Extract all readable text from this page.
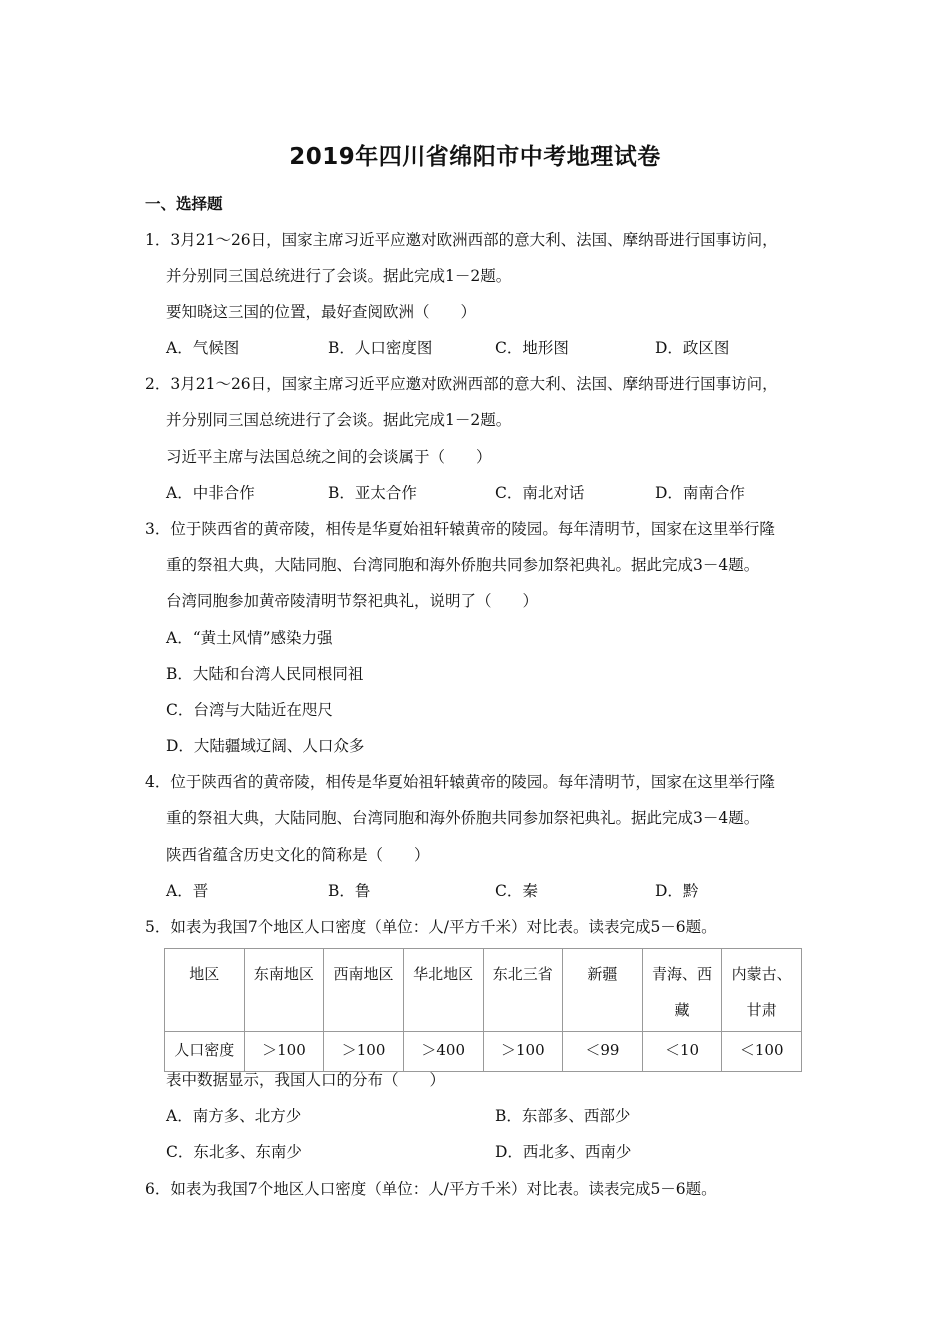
2019年四川省绵阳市中考地理试卷
一、选择题
1．3月21～26日，国家主席习近平应邀对欧洲西部的意大利、法国、摩纳哥进行国事访问，
并分别同三国总统进行了会谈。据此完成1－2题。
要知晓这三国的位置，最好查阅欧洲（　　）
A．气候图	B．人口密度图	C．地形图	D．政区图
2．3月21～26日，国家主席习近平应邀对欧洲西部的意大利、法国、摩纳哥进行国事访问，
并分别同三国总统进行了会谈。据此完成1－2题。
习近平主席与法国总统之间的会谈属于（　　）
A．中非合作	B．亚太合作	C．南北对话	D．南南合作
3．位于陕西省的黄帝陵，相传是华夏始祖轩辕黄帝的陵园。每年清明节，国家在这里举行隆
重的祭祖大典，大陆同胞、台湾同胞和海外侨胞共同参加祭祀典礼。据此完成3－4题。
台湾同胞参加黄帝陵清明节祭祀典礼，说明了（　　）
A．“黄土风情”感染力强
B．大陆和台湾人民同根同祖
C．台湾与大陆近在咫尺
D．大陆疆域辽阔、人口众多
4．位于陕西省的黄帝陵，相传是华夏始祖轩辕黄帝的陵园。每年清明节，国家在这里举行隆
重的祭祖大典，大陆同胞、台湾同胞和海外侨胞共同参加祭祀典礼。据此完成3－4题。
陕西省蕴含历史文化的简称是（　　）
A．晋	B．鲁	C．秦	D．黔
5．如表为我国7个地区人口密度（单位：人/平方千米）对比表。读表完成5－6题。
地区	东南地区	西南地区	华北地区	东北三省	新疆	青海、西藏	内蒙古、甘肃
人口密度	＞100	＞100	＞400	＞100	＜99	＜10	＜100
表中数据显示，我国人口的分布（　　）
A．南方多、北方少	B．东部多、西部少
C．东北多、东南少	D．西北多、西南少
6．如表为我国7个地区人口密度（单位：人/平方千米）对比表。读表完成5－6题。
